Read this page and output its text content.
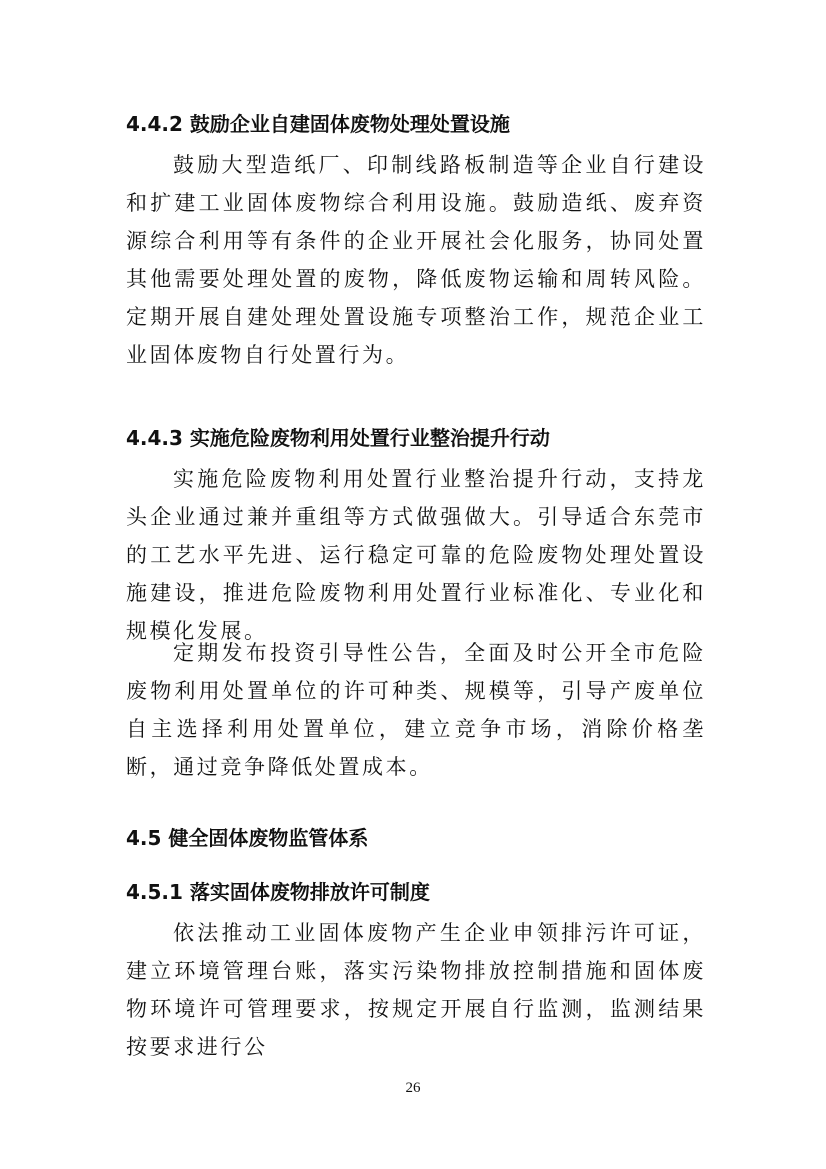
4.4.2 鼓励企业自建固体废物处理处置设施

鼓励大型造纸厂、印制线路板制造等企业自行建设和扩建工业固体废物综合利用设施。鼓励造纸、废弃资源综合利用等有条件的企业开展社会化服务，协同处置其他需要处理处置的废物，降低废物运输和周转风险。定期开展自建处理处置设施专项整治工作，规范企业工业固体废物自行处置行为。

4.4.3 实施危险废物利用处置行业整治提升行动

实施危险废物利用处置行业整治提升行动，支持龙头企业通过兼并重组等方式做强做大。引导适合东莞市的工艺水平先进、运行稳定可靠的危险废物处理处置设施建设，推进危险废物利用处置行业标准化、专业化和规模化发展。

定期发布投资引导性公告，全面及时公开全市危险废物利用处置单位的许可种类、规模等，引导产废单位自主选择利用处置单位，建立竞争市场，消除价格垄断，通过竞争降低处置成本。

4.5 健全固体废物监管体系
4.5.1 落实固体废物排放许可制度

依法推动工业固体废物产生企业申领排污许可证，建立环境管理台账，落实污染物排放控制措施和固体废物环境许可管理要求，按规定开展自行监测，监测结果按要求进行公

26
